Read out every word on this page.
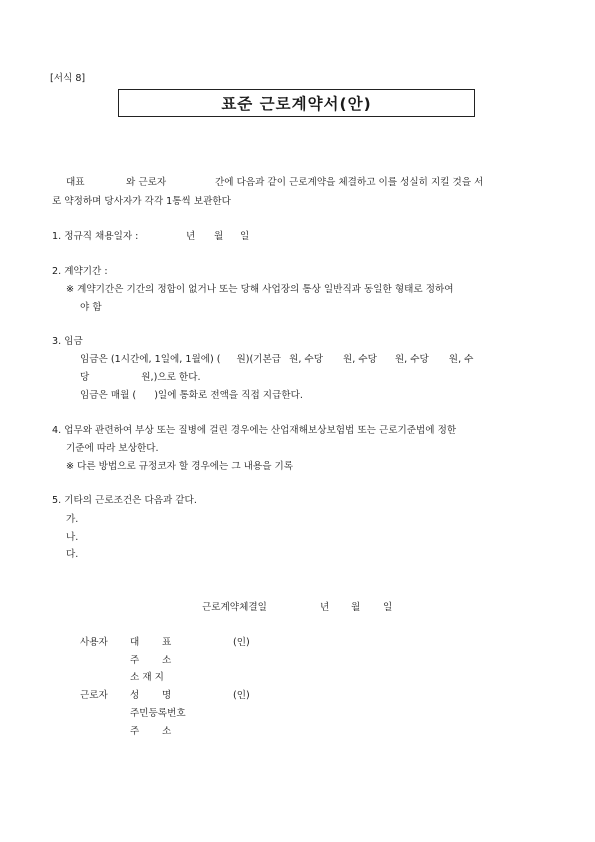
[서식 8]
표준 근로계약서(안)
대표	와 근로자	간에 다음과 같이 근로계약을 체결하고 이를 성실히 지킬 것을 서
로 약정하며 당사자가 각각 1통씩 보관한다
1. 정규직 채용일자 :	년 월 일
2. 계약기간 :
※ 계약기간은 기간의 정함이 없거나 또는 당해 사업장의 통상 일반직과 동일한 형태로 정하여
야 함
3. 임금
임금은 (1시간에, 1일에, 1월에) ( 원)(기본급 원, 수당 원, 수당 원, 수당 원, 수
당	원,)으로 한다.
임금은 매월 ( )일에 통화로 전액을 직접 지급한다.
4. 업무와 관련하여 부상 또는 질병에 걸린 경우에는 산업재해보상보험법 또는 근로기준법에 정한
기준에 따라 보상한다.
※ 다른 방법으로 규정코자 할 경우에는 그 내용을 기록
5. 기타의 근로조건은 다음과 같다.
가.
나.
다.
근로계약체결일	년 월 일
사용자 대 표	(인)
주 소
소 재 지
근로자 성 명	(인)
주민등록번호
주 소
